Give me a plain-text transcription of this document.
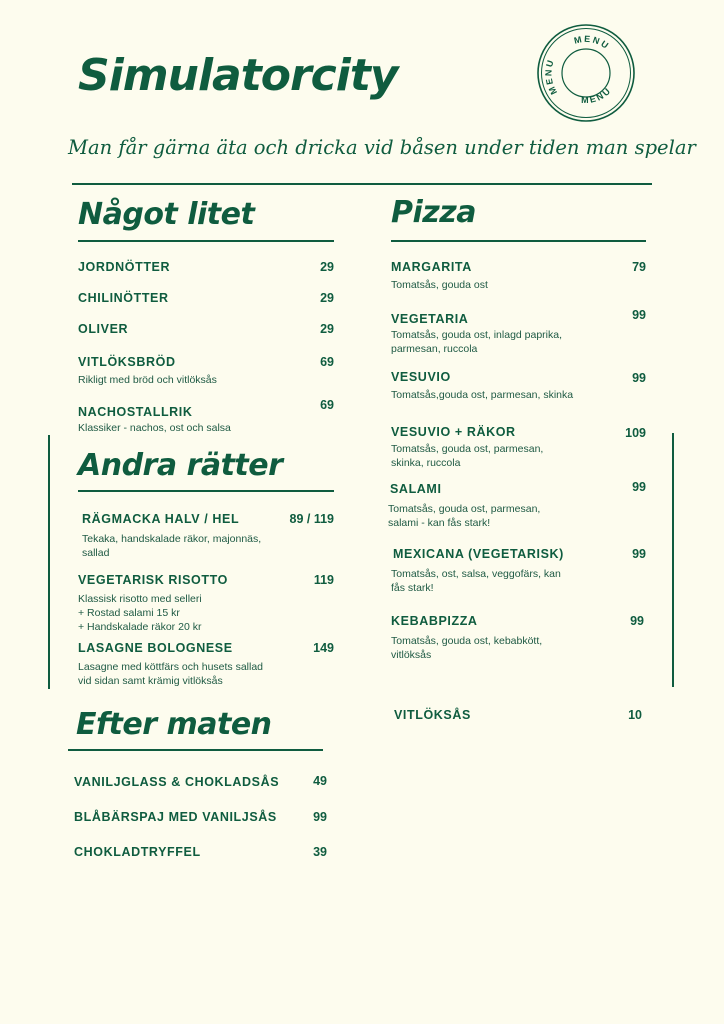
Simulatorcity
MENU
MENU
MENU
Man får gärna äta och dricka vid båsen under tiden man spelar
Något litet
JORDNÖTTER	29
CHILINÖTTER	29
OLIVER	29
VITLÖKSBRÖD
Rikligt med bröd och vitlöksås
69
NACHOSTALLRIK
Klassiker - nachos, ost och salsa
69
Andra rätter
RÄGMACKA HALV / HEL
Tekaka, handskalade räkor, majonnäs,
sallad
89 / 119
VEGETARISK RISOTTO
Klassisk risotto med selleri
+ Rostad salami 15 kr
+ Handskalade räkor 20 kr
119
LASAGNE BOLOGNESE
Lasagne med köttfärs och husets sallad
vid sidan samt krämig vitlöksås
149
Efter maten
VANILJGLASS & CHOKLADSÅS	49
BLÅBÄRSPAJ MED VANILJSÅS	99
CHOKLADTRYFFEL	39
Pizza
MARGARITA
Tomatsås, gouda ost
79
VEGETARIA
Tomatsås, gouda ost, inlagd paprika,
parmesan, ruccola
99
VESUVIO
Tomatsås,gouda ost, parmesan, skinka
99
VESUVIO + RÄKOR
Tomatsås, gouda ost, parmesan,
skinka, ruccola
109
SALAMI
Tomatsås, gouda ost, parmesan,
salami - kan fås stark!
99
MEXICANA (VEGETARISK)
Tomatsås, ost, salsa, veggofärs, kan
fås stark!
99
KEBABPIZZA
Tomatsås, gouda ost, kebabkött,
vitlöksås
99
VITLÖKSÅS	10
